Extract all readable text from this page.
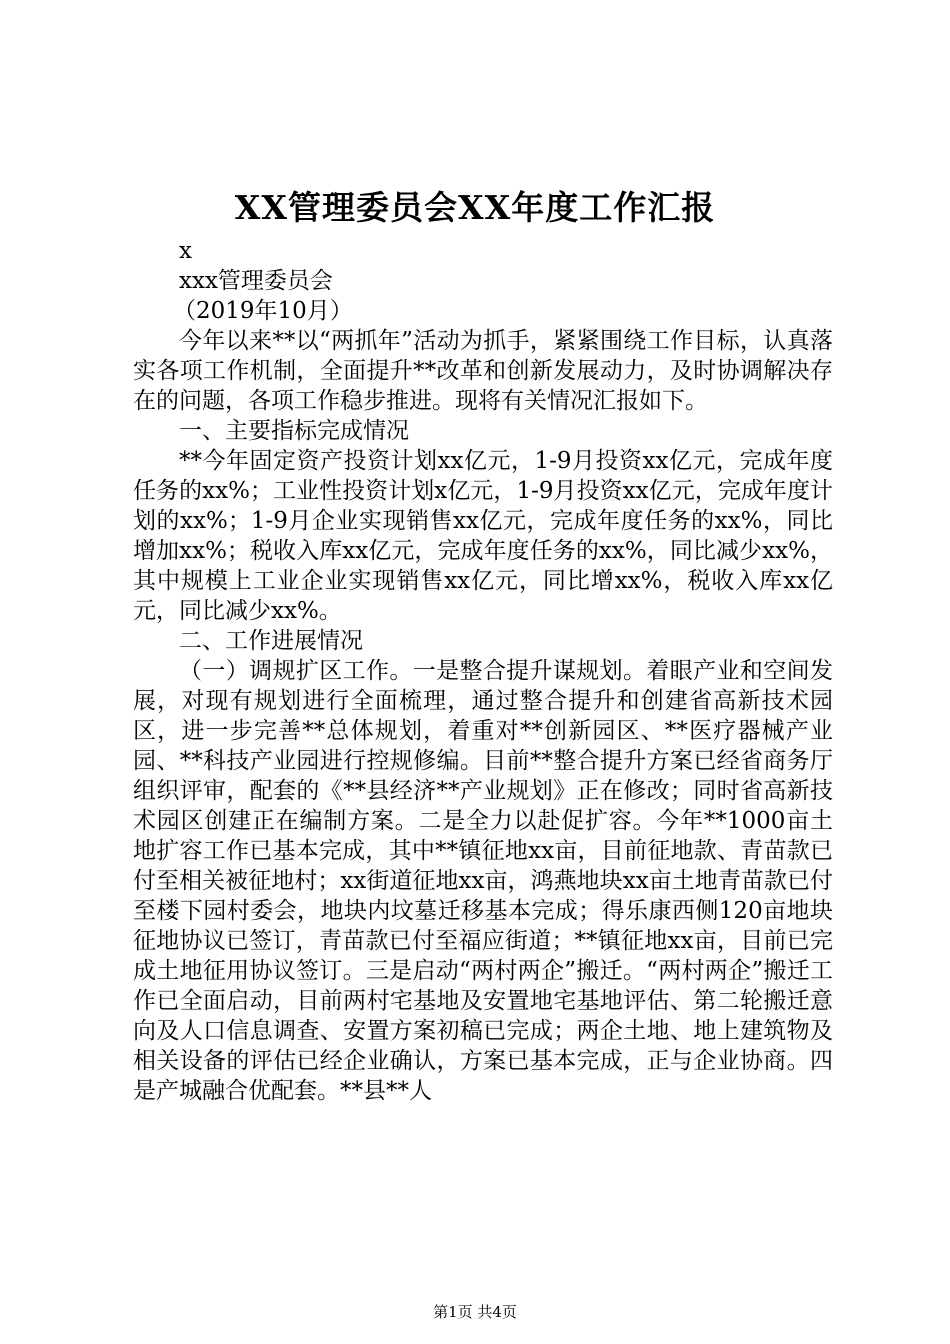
XX管理委员会XX年度工作汇报

x

xxx管理委员会

（2019年10月）

今年以来**以“两抓年”活动为抓手，紧紧围绕工作目标，认真落实各项工作机制，全面提升**改革和创新发展动力，及时协调解决存在的问题，各项工作稳步推进。现将有关情况汇报如下。

一、主要指标完成情况

**今年固定资产投资计划xx亿元，1-9月投资xx亿元，完成年度任务的xx%；工业性投资计划x亿元，1-9月投资xx亿元，完成年度计划的xx%；1-9月企业实现销售xx亿元，完成年度任务的xx%，同比增加xx%；税收入库xx亿元，完成年度任务的xx%，同比减少xx%，其中规模上工业企业实现销售xx亿元，同比增xx%，税收入库xx亿元，同比减少xx%。

二、工作进展情况

（一）调规扩区工作。一是整合提升谋规划。着眼产业和空间发展，对现有规划进行全面梳理，通过整合提升和创建省高新技术园区，进一步完善**总体规划，着重对**创新园区、**医疗器械产业园、**科技产业园进行控规修编。目前**整合提升方案已经省商务厅组织评审，配套的《**县经济**产业规划》正在修改；同时省高新技术园区创建正在编制方案。二是全力以赴促扩容。今年**1000亩土地扩容工作已基本完成，其中**镇征地xx亩，目前征地款、青苗款已付至相关被征地村；xx街道征地xx亩，鸿燕地块xx亩土地青苗款已付至楼下园村委会，地块内坟墓迁移基本完成；得乐康西侧120亩地块征地协议已签订，青苗款已付至福应街道；**镇征地xx亩，目前已完成土地征用协议签订。三是启动“两村两企”搬迁。“两村两企”搬迁工作已全面启动，目前两村宅基地及安置地宅基地评估、第二轮搬迁意向及人口信息调查、安置方案初稿已完成；两企土地、地上建筑物及相关设备的评估已经企业确认，方案已基本完成，正与企业协商。四是产城融合优配套。**县**人

第1页 共4页
